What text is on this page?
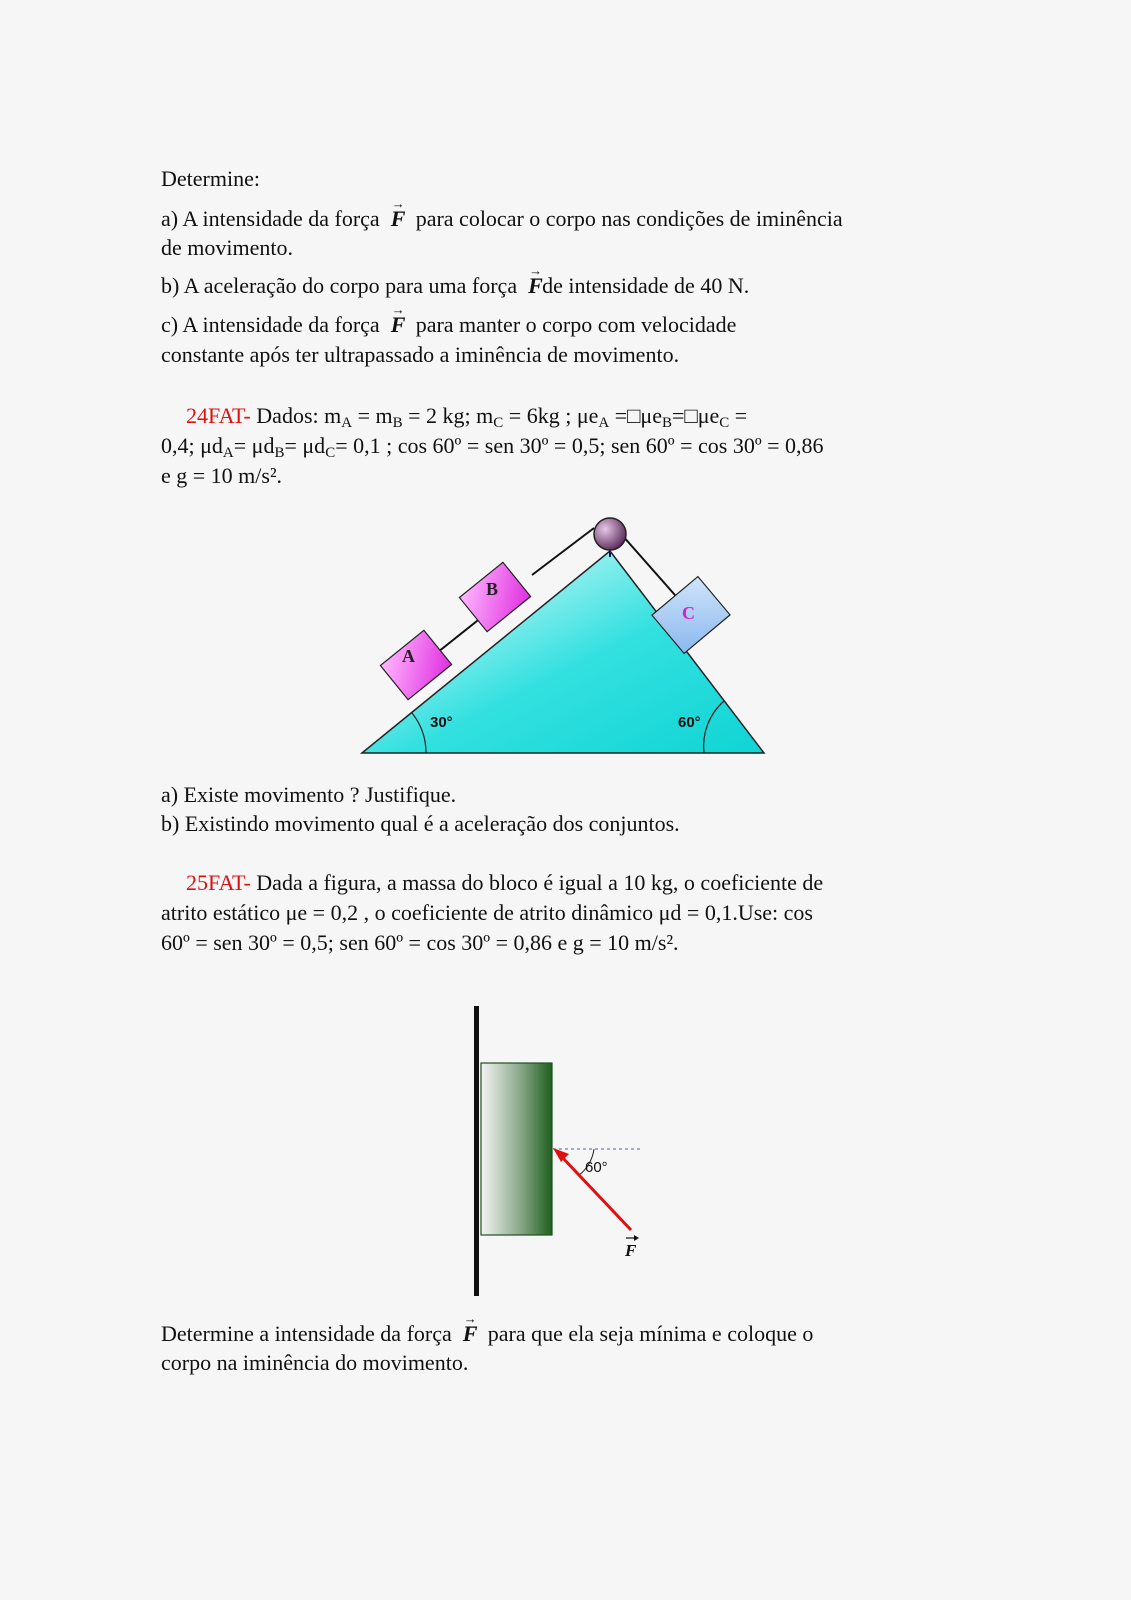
Determine:
a) A intensidade da força → F para colocar o corpo nas condições de iminência
de movimento.
b) A aceleração do corpo para uma força → Fde intensidade de 40 N.
c) A intensidade da força → F para manter o corpo com velocidade
constante após ter ultrapassado a iminência de movimento.
24FAT- Dados: $m_A = m_B = 2$ kg; $m_C = 6kg$ ; $\mu e_A$ $=□\mu e_B=□\mu e_C$ =
0,4; $\mu d_A= \mu d_B= \mu d_C= 0,1$ ; cos 60º = sen 30º = 0,5; sen 60º = cos 30º = 0,86
e g = 10 m/s².
A
B
C
30°	60°
a) Existe movimento ? Justifique.
b) Existindo movimento qual é a aceleração dos conjuntos.
25FAT- Dada a figura, a massa do bloco é igual a 10 kg, o coeficiente de
atrito estático μe = 0,2 , o coeficiente de atrito dinâmico μd = 0,1.Use: cos
60º = sen 30º = 0,5; sen 60º = cos 30º = 0,86 e g = 10 m/s².
60°
F
Determine a intensidade da força → F para que ela seja mínima e coloque o
corpo na iminência do movimento.
